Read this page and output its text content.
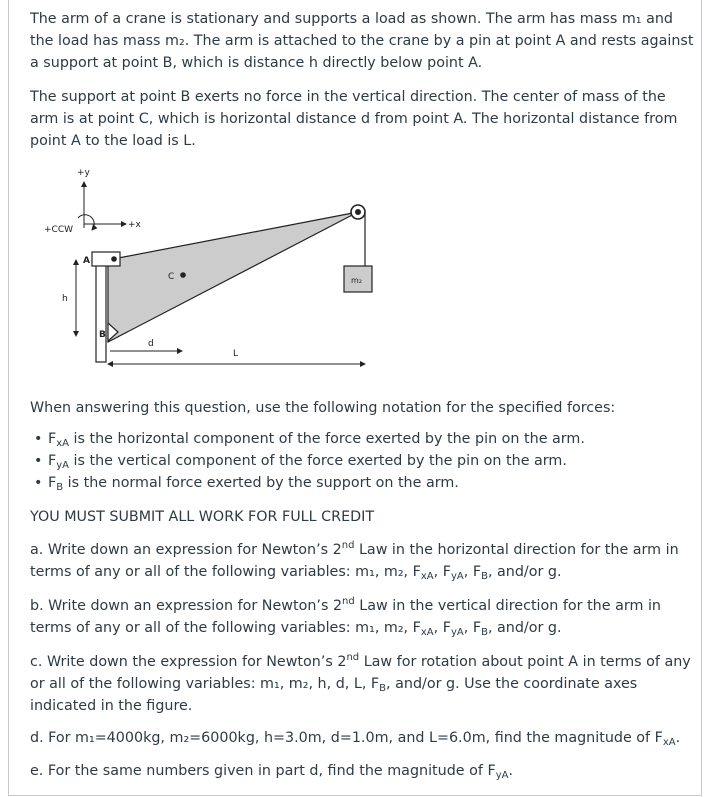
The arm of a crane is stationary and supports a load as shown. The arm has mass m₁ and the load has mass m₂. The arm is attached to the crane by a pin at point A and rests against a support at point B, which is distance h directly below point A.

The support at point B exerts no force in the vertical direction. The center of mass of the arm is at point C, which is horizontal distance d from point A. The horizontal distance from point A to the load is L.

+y
+x
+CCW
A
B
C	m₂
h
d
L

When answering this question, use the following notation for the specified forces:

• $F_{xA}$ is the horizontal component of the force exerted by the pin on the arm.
• $F_{yA}$ is the vertical component of the force exerted by the pin on the arm.
• $F_B$ is the normal force exerted by the support on the arm.

YOU MUST SUBMIT ALL WORK FOR FULL CREDIT

a. Write down an expression for Newton’s 2nd Law in the horizontal direction for the arm in terms of any or all of the following variables: m₁, m₂, $F_{xA}$, $F_{yA}$, $F_B$, and/or g.

b. Write down an expression for Newton’s 2nd Law in the vertical direction for the arm in terms of any or all of the following variables: m₁, m₂, $F_{xA}$, $F_{yA}$, $F_B$, and/or g.

c. Write down the expression for Newton’s 2nd Law for rotation about point A in terms of any or all of the following variables: m₁, m₂, h, d, L, $F_B$, and/or g. Use the coordinate axes indicated in the figure.

d. For m₁=4000kg, m₂=6000kg, h=3.0m, d=1.0m, and L=6.0m, find the magnitude of $F_{xA}$.

e. For the same numbers given in part d, find the magnitude of $F_{yA}$.
